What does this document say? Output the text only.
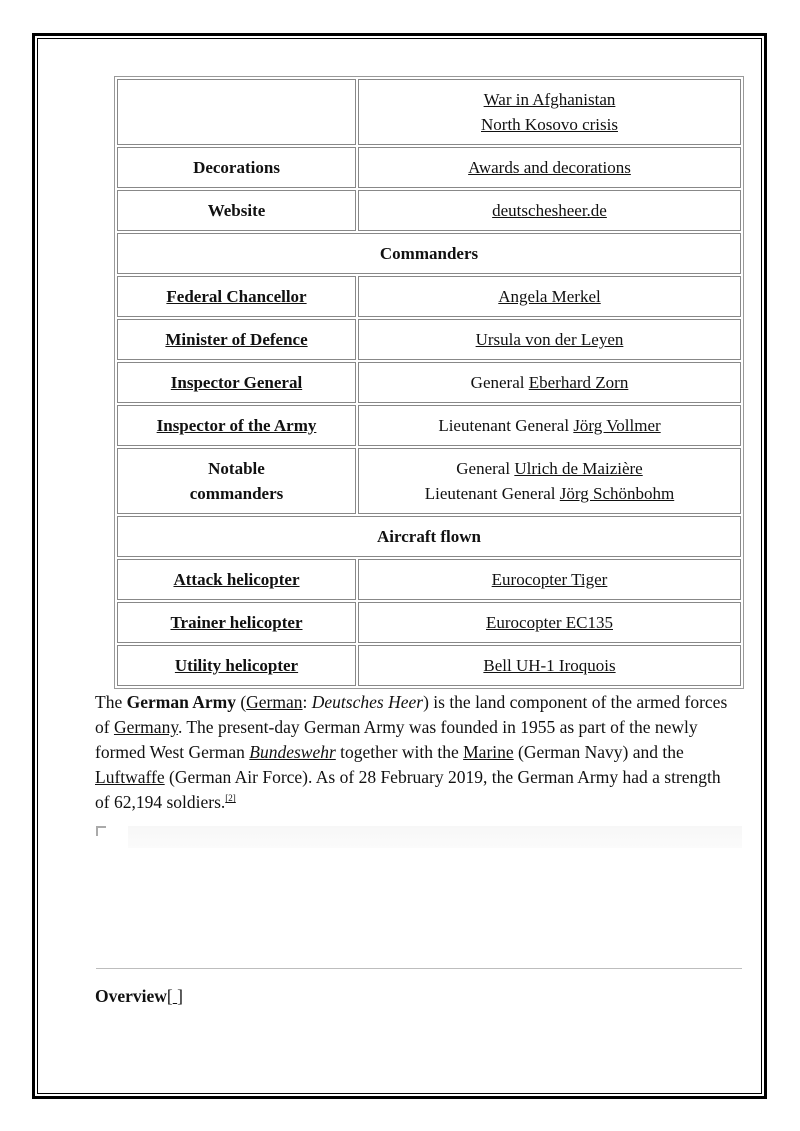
	War in Afghanistan
North Kosovo crisis
Decorations	Awards and decorations
Website	deutschesheer.de
Commanders	
Federal Chancellor	Angela Merkel
Minister of Defence	Ursula von der Leyen
Inspector General	General Eberhard Zorn
Inspector of the Army	Lieutenant General Jörg Vollmer
Notable
commanders	General Ulrich de Maizière
Lieutenant General Jörg Schönbohm
Aircraft flown	
Attack helicopter	Eurocopter Tiger
Trainer helicopter	Eurocopter EC135
Utility helicopter	Bell UH-1 Iroquois
The German Army (German: Deutsches Heer) is the land component of the armed forces of Germany. The present-day German Army was founded in 1955 as part of the newly formed West German Bundeswehr together with the Marine (German Navy) and the Luftwaffe (German Air Force). As of 28 February 2019, the German Army had a strength of 62,194 soldiers.[2]
Overview[ ]
